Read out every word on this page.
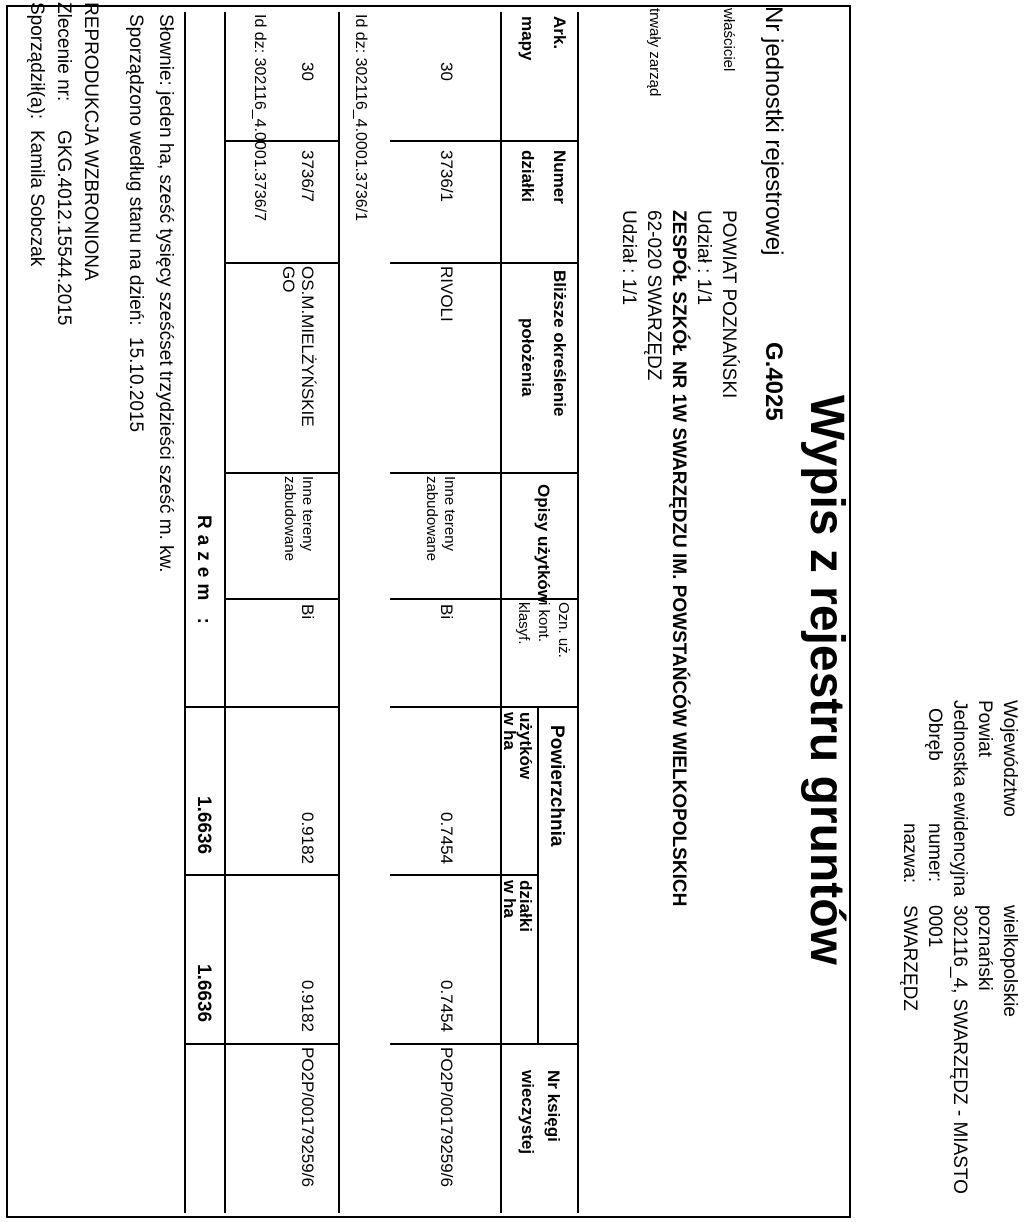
Województwo
wielkopolskie
Powiat
poznański
Jednostka ewidencyjna
302116_4, SWARZĘDZ - MIASTO
Obręb
numer:
0001
nazwa:
SWARZĘDZ
Wypis z rejestru gruntów
Nr jednostki rejestrowej
G.4025
właściciel
POWIAT POZNAŃSKI
Udział : 1/1
trwały zarząd
ZESPÓŁ SZKÓŁ NR 1W SWARZĘDZU IM. POWSTAŃCÓW WIELKOPOLSKICH
62-020 SWARZĘDZ
Udział : 1/1
Ark.
mapy
Numer
działki
Bliższe określenie
położenia
Opisy użytków
Ozn. uż.
i kont.
klasyf.
Powierzchnia
użytków
w ha
działki
w ha
Nr księgi
wieczystej
30
3736/1
RIVOLI
Inne tereny
zabudowane
Bi
0.7454
0.7454
PO2P/00179259/6
Id dz: 302116_4.0001.3736/1
30
3736/7
OS.M.MIELŻYŃSKIE
GO
Inne tereny
zabudowane
Bi
0.9182
0.9182
PO2P/00179259/6
Id dz: 302116_4.0001.3736/7
Razem :
1.6636
1.6636
Słownie: jeden ha, sześć tysięcy sześćset trzydzieści sześć m. kw.
Sporządzono według stanu na dzień:
15.10.2015
REPRODUKCJA WZBRONIONA
Zlecenie nr:
GKG.4012.15544.2015
Sporządził(a):
Kamila Sobczak
